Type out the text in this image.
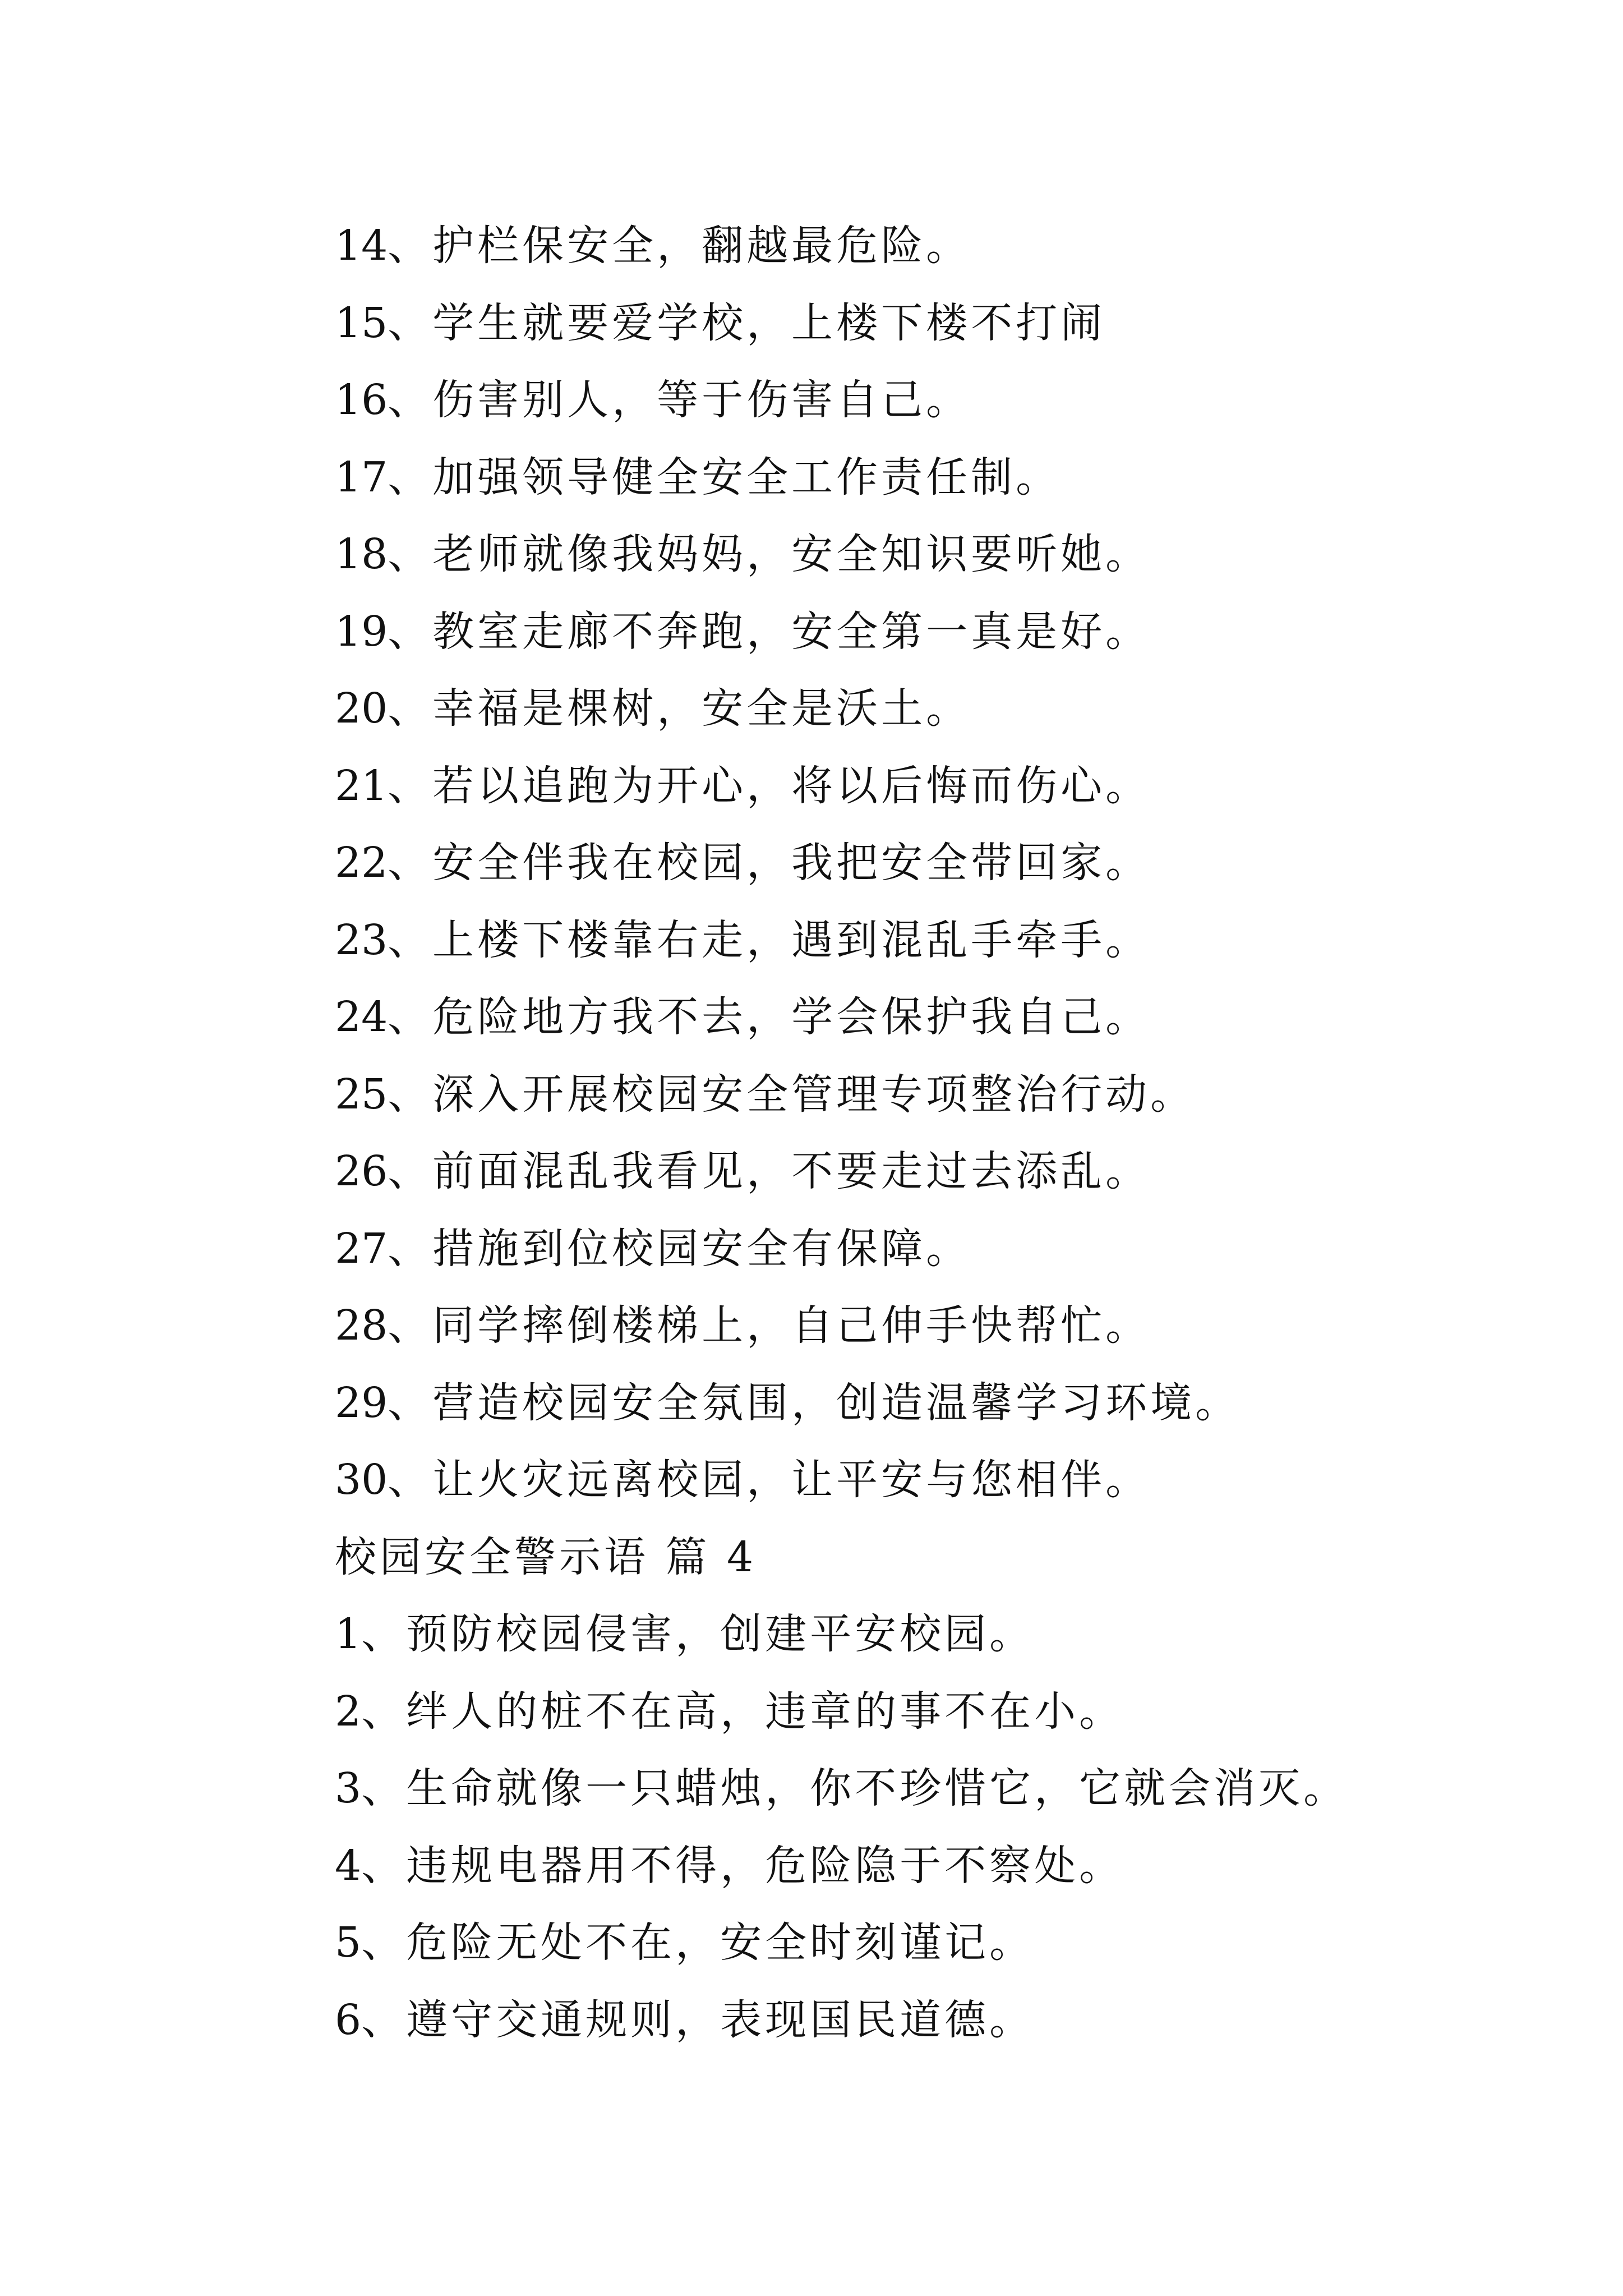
14、护栏保安全，翻越最危险。
15、学生就要爱学校，上楼下楼不打闹
16、伤害别人，等于伤害自己。
17、加强领导健全安全工作责任制。
18、老师就像我妈妈，安全知识要听她。
19、教室走廊不奔跑，安全第一真是好。
20、幸福是棵树，安全是沃土。
21、若以追跑为开心，将以后悔而伤心。
22、安全伴我在校园，我把安全带回家。
23、上楼下楼靠右走，遇到混乱手牵手。
24、危险地方我不去，学会保护我自己。
25、深入开展校园安全管理专项整治行动。
26、前面混乱我看见，不要走过去添乱。
27、措施到位校园安全有保障。
28、同学摔倒楼梯上，自己伸手快帮忙。
29、营造校园安全氛围，创造温馨学习环境。
30、让火灾远离校园，让平安与您相伴。
校园安全警示语 篇 4
1、预防校园侵害，创建平安校园。
2、绊人的桩不在高，违章的事不在小。
3、生命就像一只蜡烛，你不珍惜它，它就会消灭。
4、违规电器用不得，危险隐于不察处。
5、危险无处不在，安全时刻谨记。
6、遵守交通规则，表现国民道德。
